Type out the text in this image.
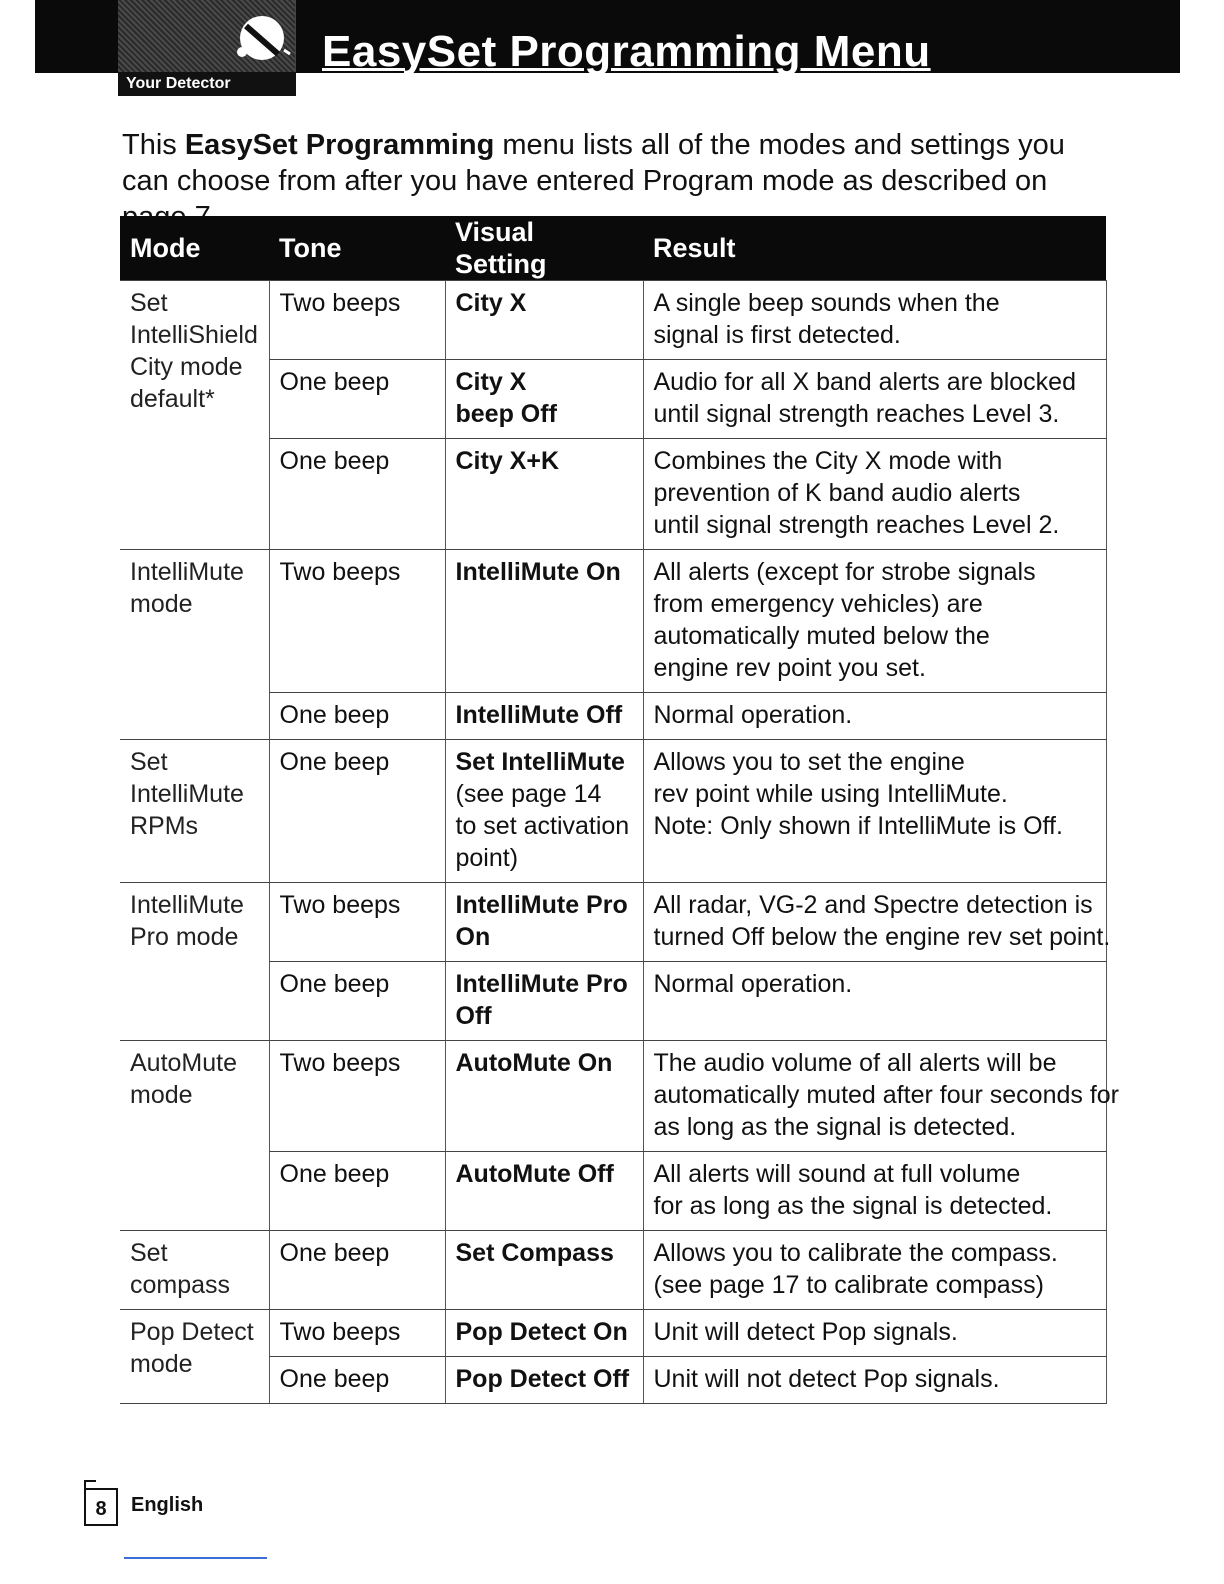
Your Detector
EasySet Programming Menu

This EasySet Programming menu lists all of the modes and settings you can choose from after you have entered Program mode as described on

Mode	Tone	Visual Setting	Result

Set
IntelliShield
City mode
default*	Two beeps	City X	A single beep sounds when the
signal is first detected.

	One beep	City X
beep Off	Audio for all X band alerts are blocked
until signal strength reaches Level 3.

	One beep	City X+K	Combines the City X mode with
prevention of K band audio alerts
until signal strength reaches Level 2.

IntelliMute
mode	Two beeps	IntelliMute On	All alerts (except for strobe signals
from emergency vehicles) are
automatically muted below the
engine rev point you set.

	One beep	IntelliMute Off	Normal operation.

Set
IntelliMute
RPMs	One beep	Set IntelliMute
(see page 14
to set activation
point)	Allows you to set the engine
rev point while using IntelliMute.
Note: Only shown if IntelliMute is Off.

IntelliMute
Pro mode	Two beeps	IntelliMute Pro
On	All radar, VG-2 and Spectre detection is
turned Off below the engine rev set point.

	One beep	IntelliMute Pro
Off	Normal operation.

AutoMute
mode	Two beeps	AutoMute On	The audio volume of all alerts will be
automatically muted after four seconds for
as long as the signal is detected.

	One beep	AutoMute Off	All alerts will sound at full volume
for as long as the signal is detected.

Set
compass	One beep	Set Compass	Allows you to calibrate the compass.
(see page 17 to calibrate compass)

Pop Detect
mode	Two beeps	Pop Detect On	Unit will detect Pop signals.

	One beep	Pop Detect Off	Unit will not detect Pop signals.
8	English
